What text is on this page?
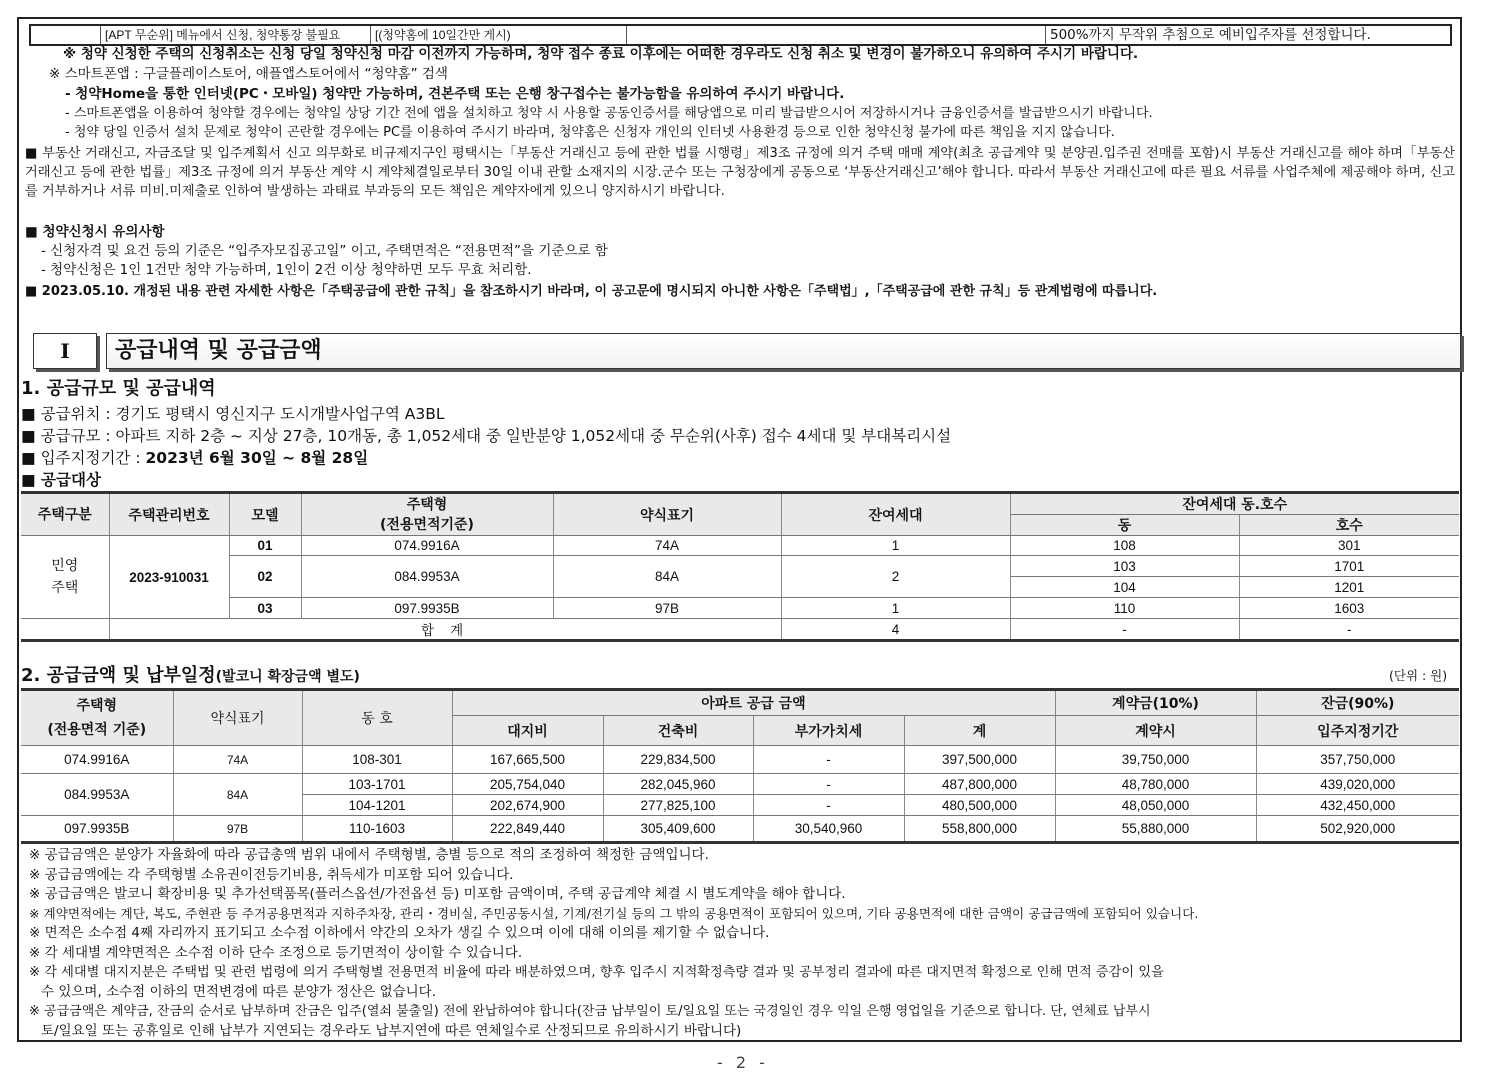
[APT 무순위] 메뉴에서 신청, 청약통장 불필요	[(청약홈에 10일간만 게시)	500%까지 무작위 추첨으로 예비입주자를 선정합니다.
※ 청약 신청한 주택의 신청취소는 신청 당일 청약신청 마감 이전까지 가능하며, 청약 접수 종료 이후에는 어떠한 경우라도 신청 취소 및 변경이 불가하오니 유의하여 주시기 바랍니다.
※ 스마트폰앱 : 구글플레이스토어, 애플앱스토어에서 “청약홈” 검색
- 청약Home을 통한 인터넷(PC・모바일) 청약만 가능하며, 견본주택 또는 은행 창구접수는 불가능함을 유의하여 주시기 바랍니다.
- 스마트폰앱을 이용하여 청약할 경우에는 청약일 상당 기간 전에 앱을 설치하고 청약 시 사용할 공동인증서를 해당앱으로 미리 발급받으시어 저장하시거나 금융인증서를 발급받으시기 바랍니다.
- 청약 당일 인증서 설치 문제로 청약이 곤란할 경우에는 PC를 이용하여 주시기 바라며, 청약홈은 신청자 개인의 인터넷 사용환경 등으로 인한 청약신청 불가에 따른 책임을 지지 않습니다.
■ 부동산 거래신고, 자금조달 및 입주계획서 신고 의무화로 비규제지구인 평택시는「부동산 거래신고 등에 관한 법률 시행령」제3조 규정에 의거 주택 매매 계약(최초 공급계약 및 분양권.입주권 전매를 포함)시 부동산 거래신고를 해야 하며「부동산 거래신고 등에 관한 법률」제3조 규정에 의거 부동산 계약 시 계약체결일로부터 30일 이내 관할 소재지의 시장.군수 또는 구청장에게 공동으로 ‘부동산거래신고’해야 합니다. 따라서 부동산 거래신고에 따른 필요 서류를 사업주체에 제공해야 하며, 신고를 거부하거나 서류 미비.미제출로 인하여 발생하는 과태료 부과등의 모든 책임은 계약자에게 있으니 양지하시기 바랍니다.
■ 청약신청시 유의사항
- 신청자격 및 요건 등의 기준은 “입주자모집공고일” 이고, 주택면적은 “전용면적”을 기준으로 함
- 청약신청은 1인 1건만 청약 가능하며, 1인이 2건 이상 청약하면 모두 무효 처리함.
■ 2023.05.10. 개정된 내용 관련 자세한 사항은「주택공급에 관한 규칙」을 참조하시기 바라며, 이 공고문에 명시되지 아니한 사항은「주택법」,「주택공급에 관한 규칙」등 관계법령에 따릅니다.
I	공급내역 및 공급금액
1. 공급규모 및 공급내역
■ 공급위치 : 경기도 평택시 영신지구 도시개발사업구역 A3BL
■ 공급규모 : 아파트 지하 2층 ~ 지상 27층, 10개동, 총 1,052세대 중 일반분양 1,052세대 중 무순위(사후) 접수 4세대 및 부대복리시설
■ 입주지정기간 : 2023년 6월 30일 ~ 8월 28일
■ 공급대상
주택구분	주택관리번호	모델	주택형
(전용면적기준)	약식표기	잔여세대	잔여세대 동.호수	
						동	호수
민영주택	2023-910031	01	074.9916A	74A	1	108	301
		02	084.9953A	84A	2	103	1701
						104	1201
		03	097.9935B	97B	1	110	1603
	합 계				4	-	-
2. 공급금액 및 납부일정(발코니 확장금액 별도)	(단위 : 원)
주택형
(전용면적 기준)	약식표기	동 호	아파트 공급 금액				계약금(10%)	잔금(90%)
			대지비	건축비	부가가치세	계	계약시	입주지정기간
074.9916A	74A	108-301	167,665,500	229,834,500	-	397,500,000	39,750,000	357,750,000
084.9953A	84A	103-1701	205,754,040	282,045,960	-	487,800,000	48,780,000	439,020,000
		104-1201	202,674,900	277,825,100	-	480,500,000	48,050,000	432,450,000
097.9935B	97B	110-1603	222,849,440	305,409,600	30,540,960	558,800,000	55,880,000	502,920,000
※ 공급금액은 분양가 자율화에 따라 공급총액 범위 내에서 주택형별, 층별 등으로 적의 조정하여 책정한 금액입니다.
※ 공급금액에는 각 주택형별 소유권이전등기비용, 취득세가 미포함 되어 있습니다.
※ 공급금액은 발코니 확장비용 및 추가선택품목(플러스옵션/가전옵션 등) 미포함 금액이며, 주택 공급계약 체결 시 별도계약을 해야 합니다.
※ 계약면적에는 계단, 복도, 주현관 등 주거공용면적과 지하주차장, 관리・경비실, 주민공동시설, 기계/전기실 등의 그 밖의 공용면적이 포함되어 있으며, 기타 공용면적에 대한 금액이 공급금액에 포함되어 있습니다.
※ 면적은 소수점 4째 자리까지 표기되고 소수점 이하에서 약간의 오차가 생길 수 있으며 이에 대해 이의를 제기할 수 없습니다.
※ 각 세대별 계약면적은 소수점 이하 단수 조정으로 등기면적이 상이할 수 있습니다.
※ 각 세대별 대지지분은 주택법 및 관련 법령에 의거 주택형별 전용면적 비율에 따라 배분하였으며, 향후 입주시 지적확정측량 결과 및 공부정리 결과에 따른 대지면적 확정으로 인해 면적 증감이 있을
수 있으며, 소수점 이하의 면적변경에 따른 분양가 정산은 없습니다.
※ 공급금액은 계약금, 잔금의 순서로 납부하며 잔금은 입주(열쇠 불출일) 전에 완납하여야 합니다(잔금 납부일이 토/일요일 또는 국경일인 경우 익일 은행 영업일을 기준으로 합니다. 단, 연체료 납부시
토/일요일 또는 공휴일로 인해 납부가 지연되는 경우라도 납부지연에 따른 연체일수로 산정되므로 유의하시기 바랍니다)
- 2 -
